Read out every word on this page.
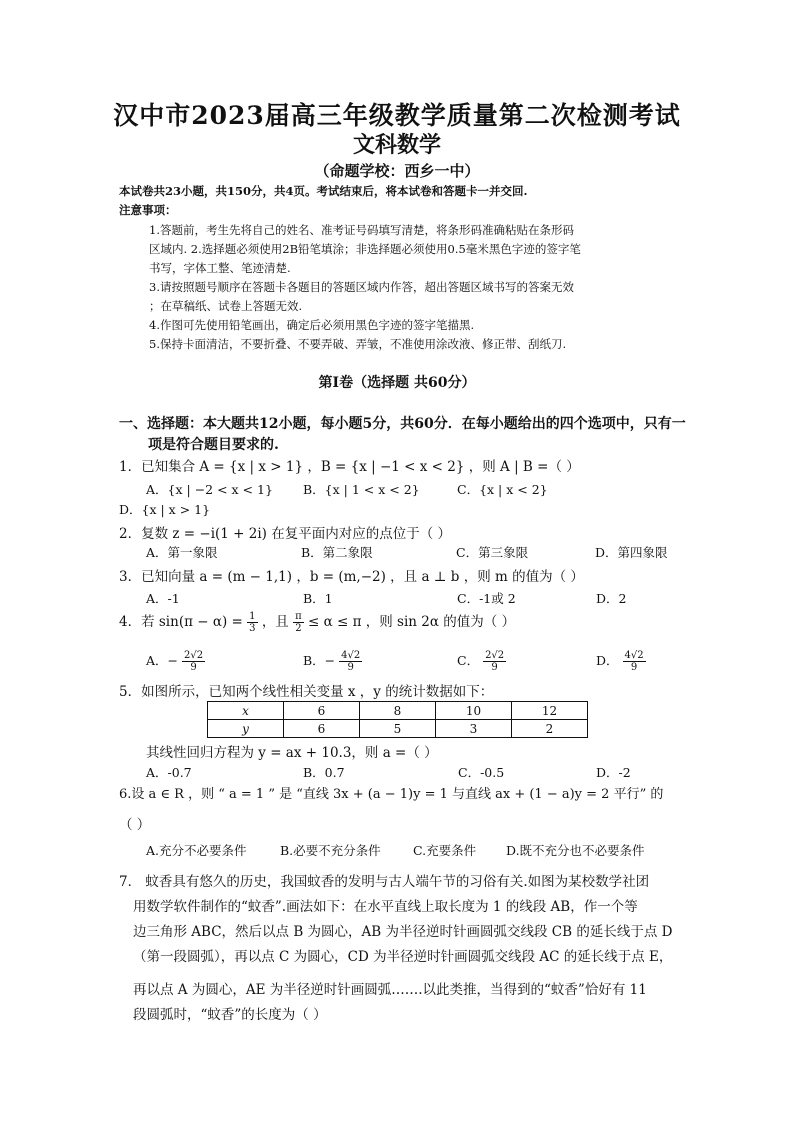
汉中市2023届高三年级教学质量第二次检测考试
文科数学
（命题学校：西乡一中）
本试卷共23小题，共150分，共4页。考试结束后，将本试卷和答题卡一并交回.
注意事项：
1.答题前，考生先将自己的姓名、准考证号码填写清楚，将条形码准确粘贴在条形码
区域内. 2.选择题必须使用2B铅笔填涂；非选择题必须使用0.5毫米黑色字迹的签字笔
书写，字体工整、笔迹清楚.
3.请按照题号顺序在答题卡各题目的答题区域内作答，超出答题区域书写的答案无效
；在草稿纸、试卷上答题无效.
4.作图可先使用铅笔画出，确定后必须用黑色字迹的签字笔描黑.
5.保持卡面清洁，不要折叠、不要弄破、弄皱，不准使用涂改液、修正带、刮纸刀.
第Ⅰ卷（选择题 共60分）
一、选择题：本大题共12小题，每小题5分，共60分．在每小题给出的四个选项中，只有一
项是符合题目要求的.
1．已知集合 A = {x | x > 1} ，B = {x | −1 < x < 2} ，则 A | B =（ ）
A．{x | −2 < x < 1} B．{x | 1 < x < 2}	C．{x | x < 2}
D．{x | x > 1}
2．复数 z = −i(1 + 2i) 在复平面内对应的点位于（ ）
A．第一象限	B．第二象限	C．第三象限	D．第四象限
3．已知向量 a = (m − 1,1) ，b = (m,−2) ，且 a ⊥ b ，则 m 的值为（ ）
A．-1	B．1	C．-1或 2	D．2
4．若 $\sin(\pi - \alpha) = \frac{1}{3}$ ，且 $\frac{\pi}{2} \le \alpha \le \pi$ ，则 sin 2α 的值为（ ）
A．− $\frac{2√2}{9}$	B．− $\frac{4√2}{9}$	C． $\frac{2√2}{9}$	D． $\frac{4√2}{9}$
5．如图所示，已知两个线性相关变量 x ，y 的统计数据如下：
x	6	8	10	12
y	6	5	3	2
其线性回归方程为 y = ax + 10.3，则 a =（ ）
A．-0.7	B．0.7	C．-0.5	D．-2
6.设 a ∈ R ，则 “ a = 1 ” 是 “直线 3x + (a − 1)y = 1 与直线 ax + (1 − a)y = 2 平行” 的
（ ）
A.充分不必要条件	B.必要不充分条件	C.充要条件 D.既不充分也不必要条件
7． 蚊香具有悠久的历史，我国蚊香的发明与古人端午节的习俗有关.如图为某校数学社团
用数学软件制作的“蚊香”.画法如下：在水平直线上取长度为 1 的线段 AB，作一个等
边三角形 ABC，然后以点 B 为圆心，AB 为半径逆时针画圆弧交线段 CB 的延长线于点 D
（第一段圆弧），再以点 C 为圆心，CD 为半径逆时针画圆弧交线段 AC 的延长线于点 E，
再以点 A 为圆心，AE 为半径逆时针画圆弧…….以此类推，当得到的“蚊香”恰好有 11
段圆弧时，“蚊香”的长度为（ ）
